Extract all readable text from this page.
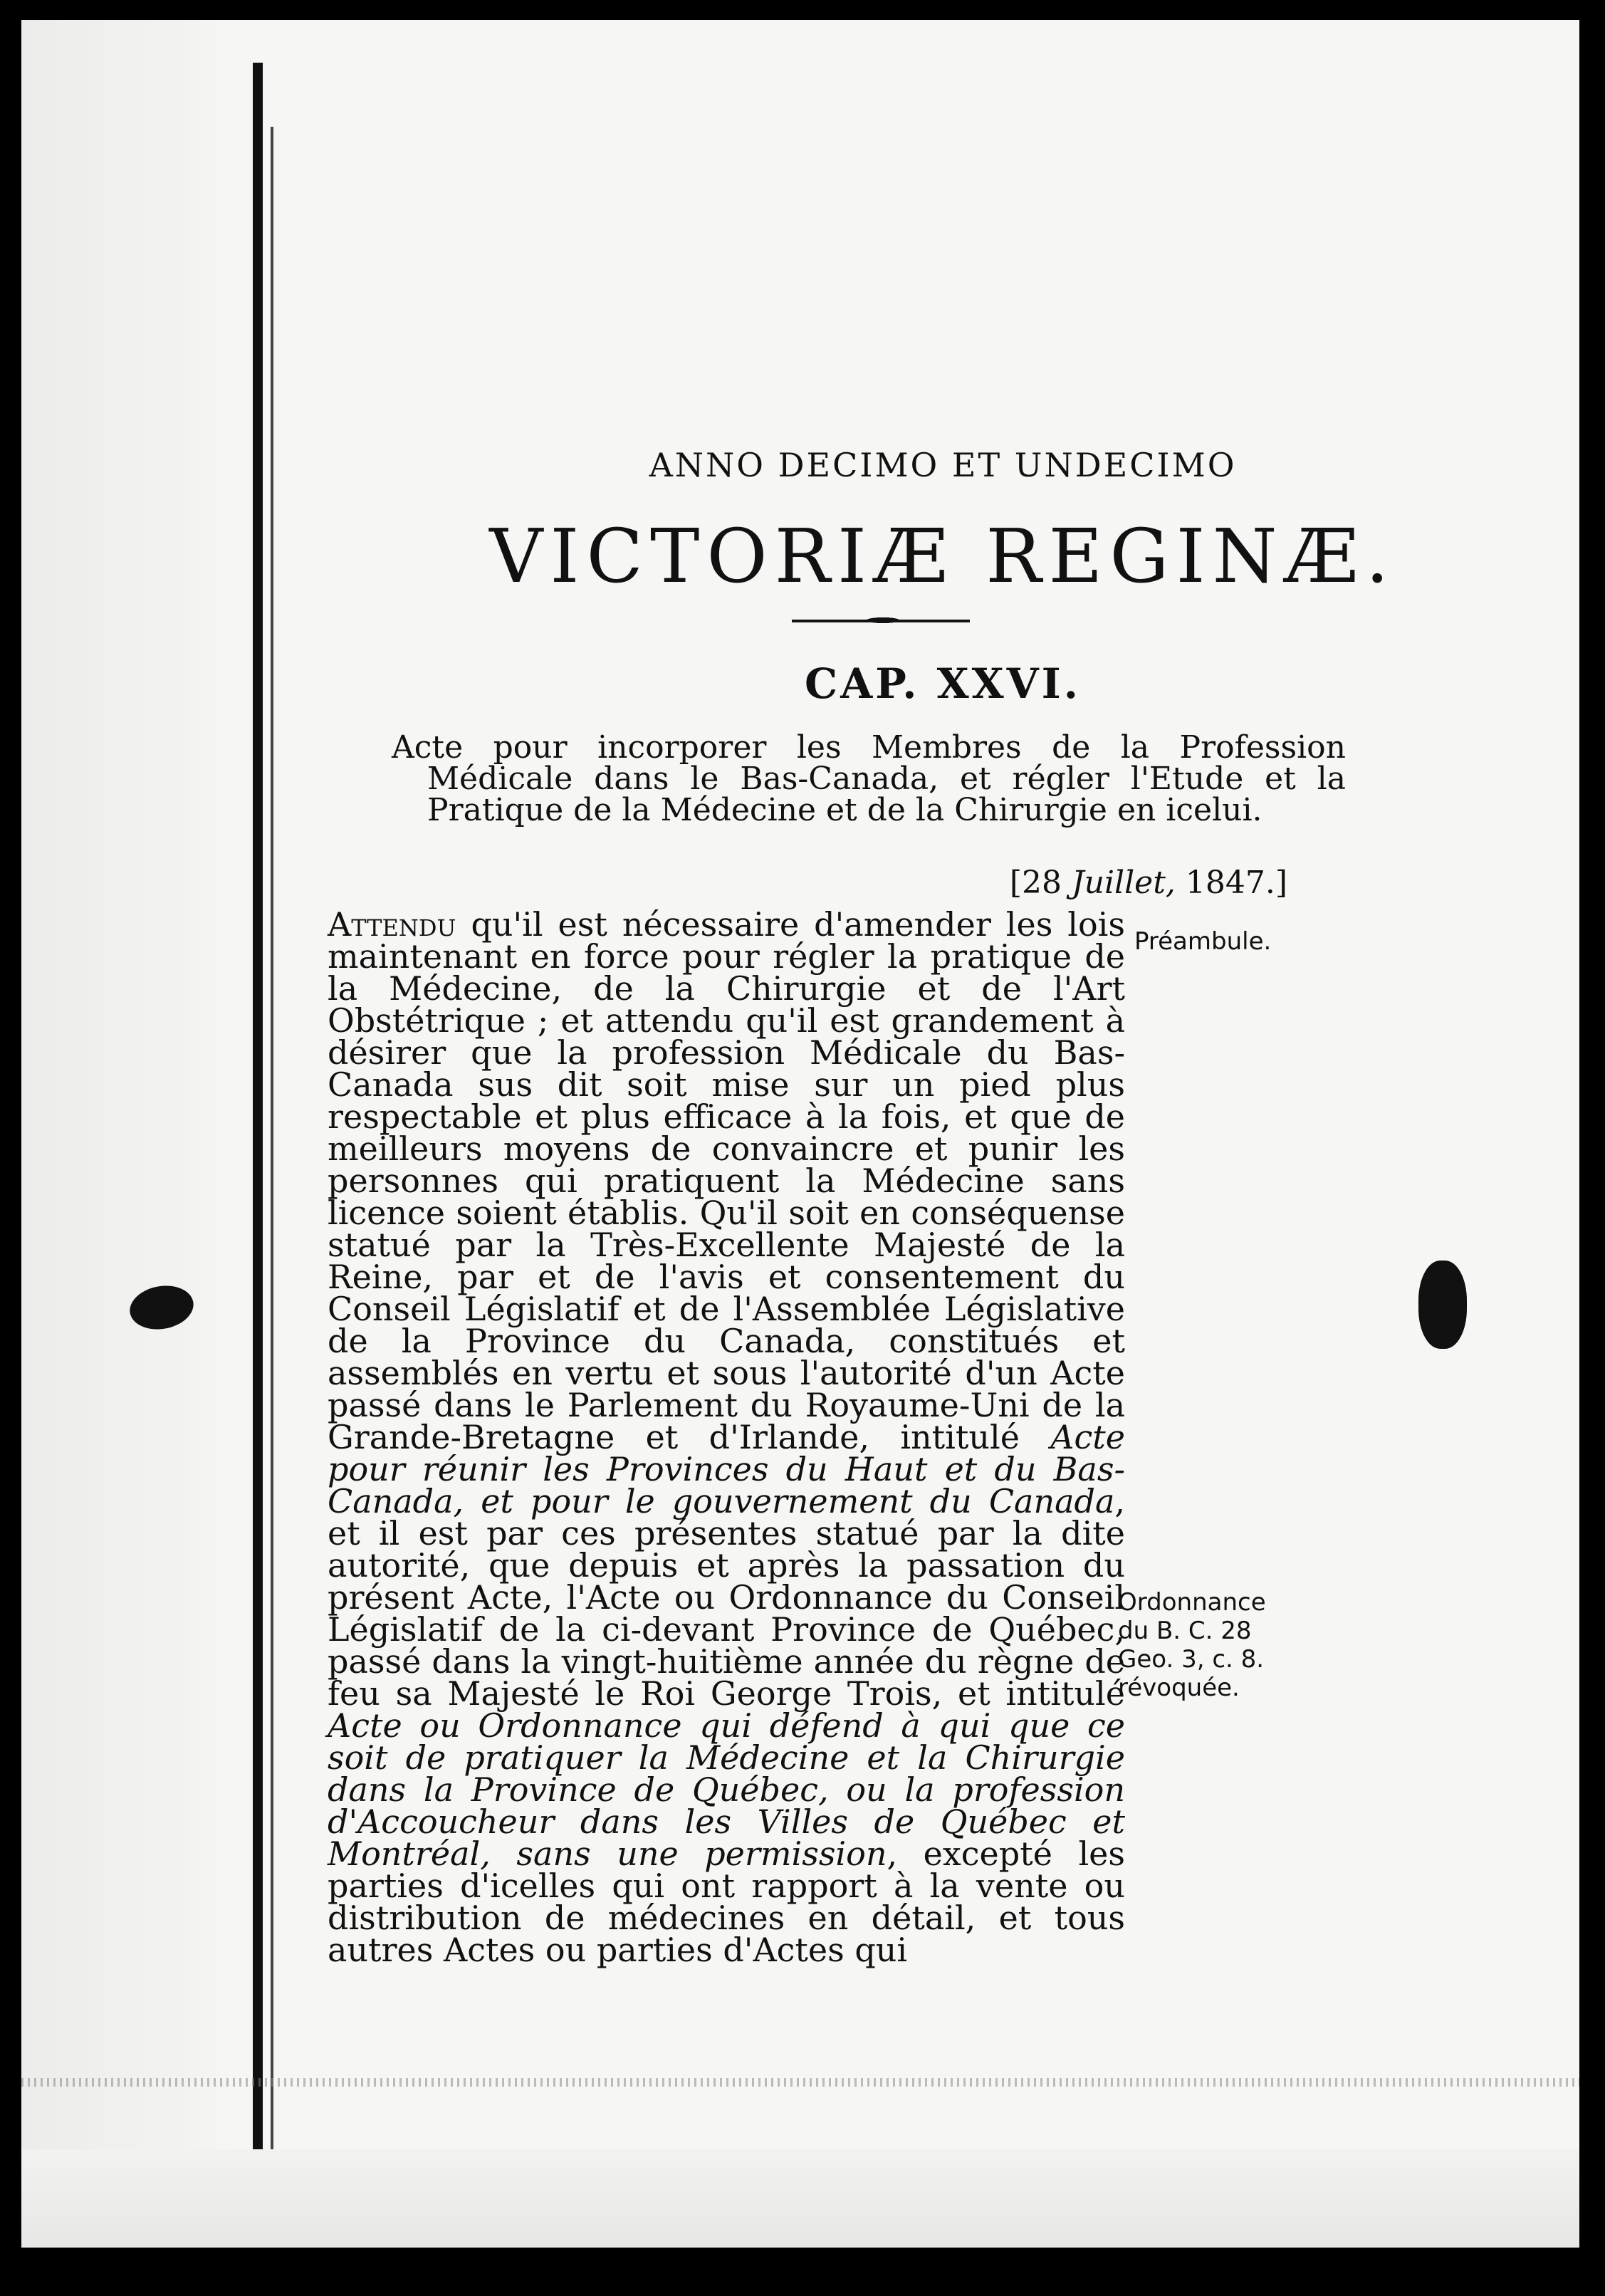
ANNO DECIMO ET UNDECIMO
VICTORIÆ REGINÆ.
CAP. XXVI.
Acte pour incorporer les Membres de la Profession Médicale dans le Bas-Canada, et régler l'Etude et la Pratique de la Médecine et de la Chirurgie en icelui.
[28 Juillet, 1847.]

Attendu qu'il est nécessaire d'amender les lois maintenant en force pour régler la pratique de la Médecine, de la Chirurgie et de l'Art Obstétrique ; et attendu qu'il est grandement à désirer que la profession Médicale du Bas-Canada sus dit soit mise sur un pied plus respectable et plus efficace à la fois, et que de meilleurs moyens de convaincre et punir les personnes qui pratiquent la Médecine sans licence soient établis. Qu'il soit en conséquense statué par la Très-Excellente Majesté de la Reine, par et de l'avis et consentement du Conseil Législatif et de l'Assemblée Législative de la Province du Canada, constitués et assemblés en vertu et sous l'autorité d'un Acte passé dans le Parlement du Royaume-Uni de la Grande-Bretagne et d'Irlande, intitulé Acte pour réunir les Provinces du Haut et du Bas-Canada, et pour le gouvernement du Canada, et il est par ces présentes statué par la dite autorité, que depuis et après la passation du présent Acte, l'Acte ou Ordonnance du Conseil Législatif de la ci-devant Province de Québec, passé dans la vingt-huitième année du règne de feu sa Majesté le Roi George Trois, et intitulé Acte ou Ordonnance qui défend à qui que ce soit de pratiquer la Médecine et la Chirurgie dans la Province de Québec, ou la profession d'Accoucheur dans les Villes de Québec et Montréal, sans une permission, excepté les parties d'icelles qui ont rapport à la vente ou distribution de médecines en détail, et tous autres Actes ou parties d'Actes qui

Préambule.
Ordonnance du B. C. 28 Geo. 3, c. 8. révoquée.
